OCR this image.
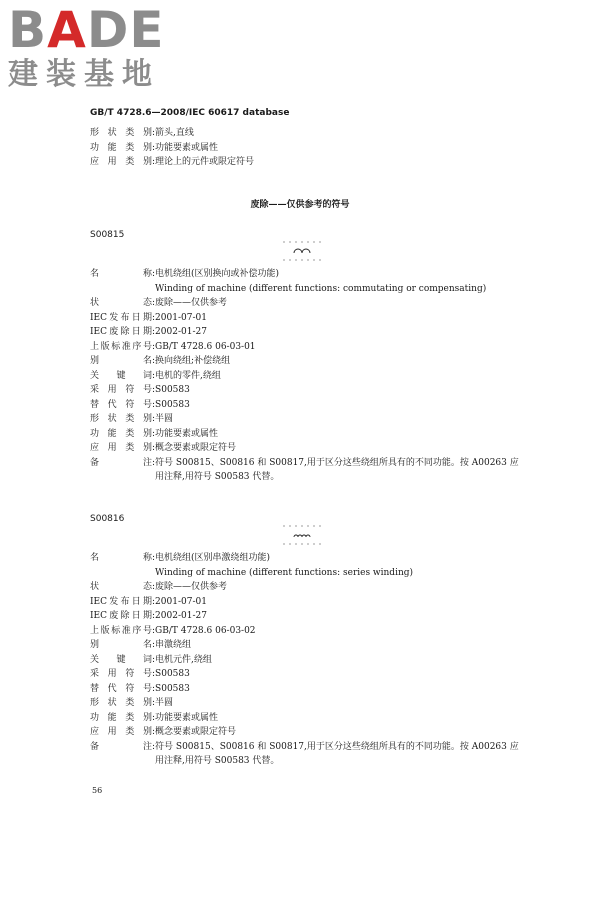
BADE
建装基地
GB/T 4728.6—2008/IEC 60617 database
形状类别:箭头,直线
功能类别:功能要素或属性
应用类别:理论上的元件或限定符号
废除——仅供参考的符号
S00815
名称:电机绕组(区别换向或补偿功能)
Winding of machine (different functions: commutating or compensating)
状态:废除——仅供参考
IEC发布日期:2001-07-01
IEC废除日期:2002-01-27
上版标准序号:GB/T 4728.6 06-03-01
别名:换向绕组;补偿绕组
关键词:电机的零件,绕组
采用符号:S00583
替代符号:S00583
形状类别:半圆
功能类别:功能要素或属性
应用类别:概念要素或限定符号
备注:符号 S00815、S00816 和 S00817,用于区分这些绕组所具有的不同功能。按 A00263 应
用注释,用符号 S00583 代替。
S00816
名称:电机绕组(区别串激绕组功能)
Winding of machine (different functions: series winding)
状态:废除——仅供参考
IEC发布日期:2001-07-01
IEC废除日期:2002-01-27
上版标准序号:GB/T 4728.6 06-03-02
别名:串激绕组
关键词:电机元件,绕组
采用符号:S00583
替代符号:S00583
形状类别:半圆
功能类别:功能要素或属性
应用类别:概念要素或限定符号
备注:符号 S00815、S00816 和 S00817,用于区分这些绕组所具有的不同功能。按 A00263 应
用注释,用符号 S00583 代替。
56
